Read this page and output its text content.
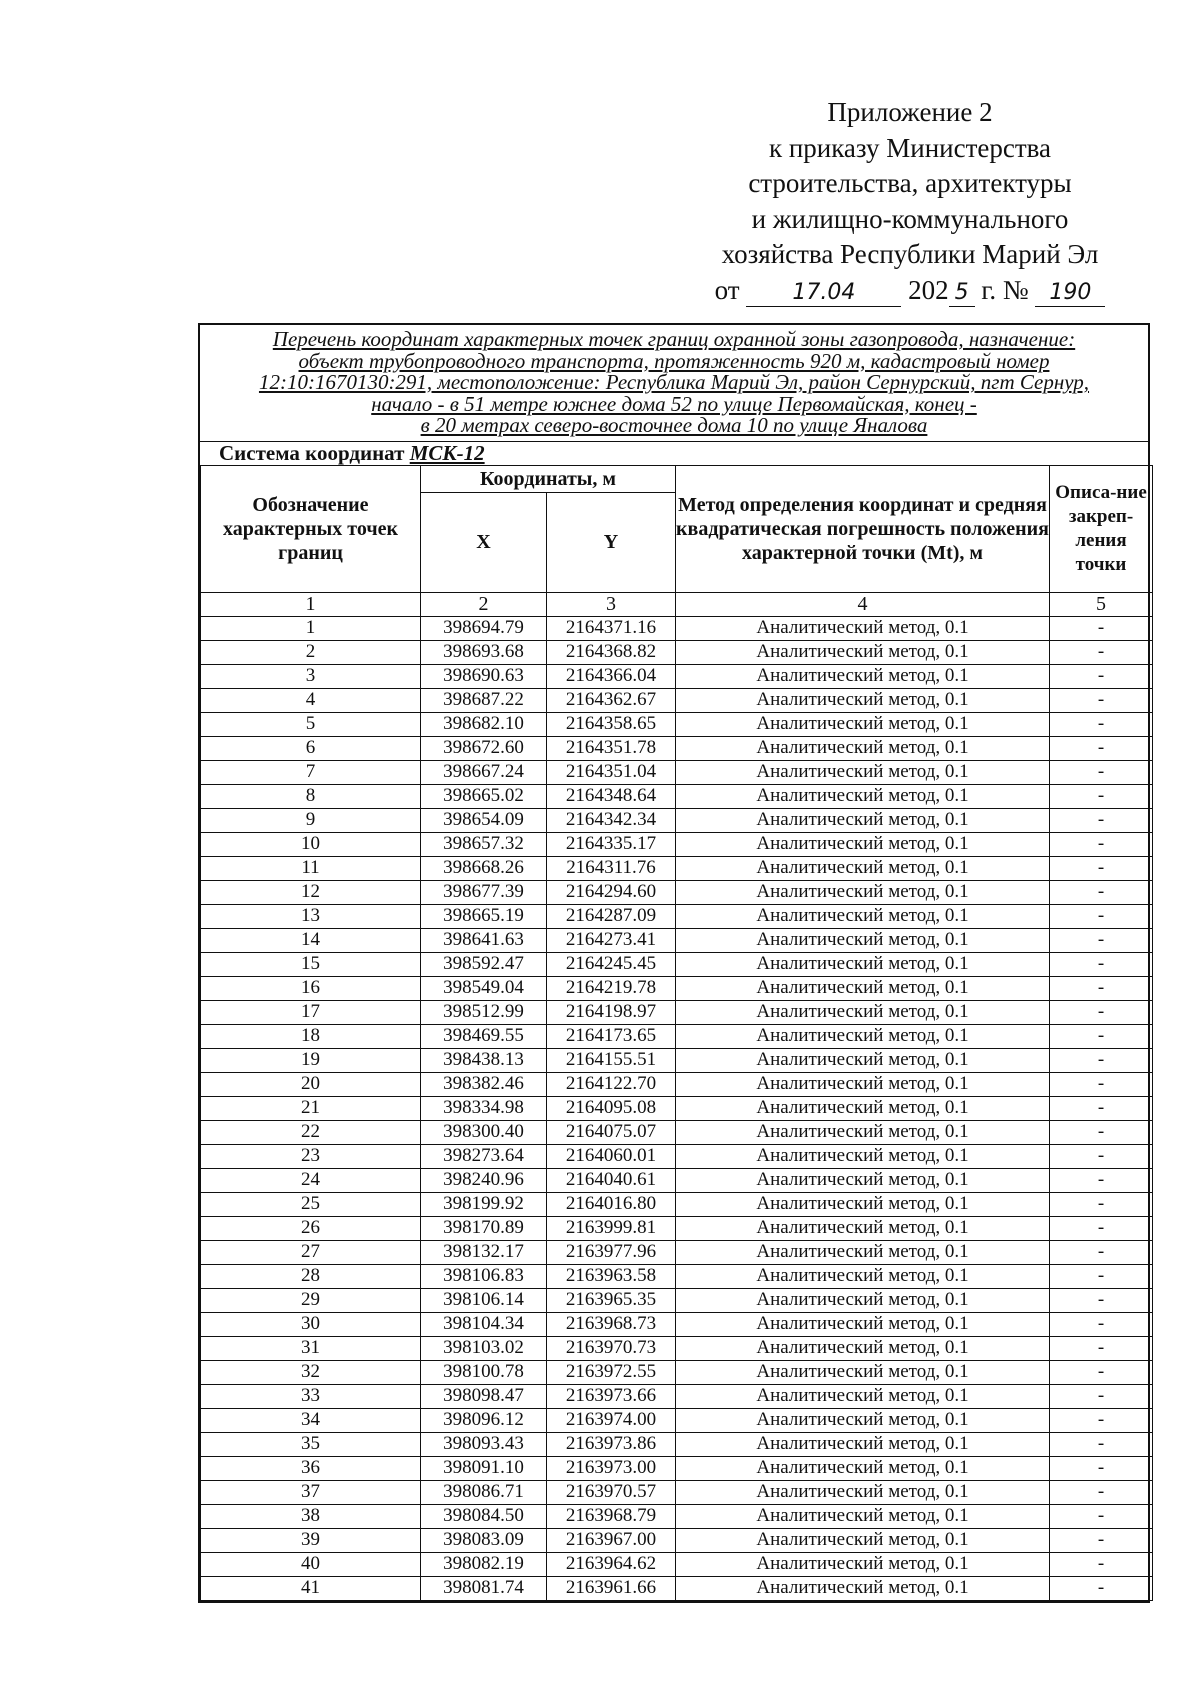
Приложение 2
к приказу Министерства
строительства, архитектуры
и жилищно-коммунального
хозяйства Республики Марий Эл
от 17.04 202 5 г. № 190
Перечень координат характерных точек границ охранной зоны газопровода, назначение:
объект трубопроводного транспорта, протяженность 920 м, кадастровый номер
12:10:1670130:291, местоположение: Республика Марий Эл, район Сернурский, пгт Сернур,
начало - в 51 метре южнее дома 52 по улице Первомайская, конец -
в 20 метрах северо-восточнее дома 10 по улице Яналова
Система координат МСК-12
Обозначение характерных точек границ	Координаты, м		Метод определения координат и средняя квадратическая погрешность положения характерной точки (Mt), м	Описа-ние закреп-ления точки
	X	Y		
1	2	3	4	5
1	398694.79	2164371.16	Аналитический метод, 0.1	-
2	398693.68	2164368.82	Аналитический метод, 0.1	-
3	398690.63	2164366.04	Аналитический метод, 0.1	-
4	398687.22	2164362.67	Аналитический метод, 0.1	-
5	398682.10	2164358.65	Аналитический метод, 0.1	-
6	398672.60	2164351.78	Аналитический метод, 0.1	-
7	398667.24	2164351.04	Аналитический метод, 0.1	-
8	398665.02	2164348.64	Аналитический метод, 0.1	-
9	398654.09	2164342.34	Аналитический метод, 0.1	-
10	398657.32	2164335.17	Аналитический метод, 0.1	-
11	398668.26	2164311.76	Аналитический метод, 0.1	-
12	398677.39	2164294.60	Аналитический метод, 0.1	-
13	398665.19	2164287.09	Аналитический метод, 0.1	-
14	398641.63	2164273.41	Аналитический метод, 0.1	-
15	398592.47	2164245.45	Аналитический метод, 0.1	-
16	398549.04	2164219.78	Аналитический метод, 0.1	-
17	398512.99	2164198.97	Аналитический метод, 0.1	-
18	398469.55	2164173.65	Аналитический метод, 0.1	-
19	398438.13	2164155.51	Аналитический метод, 0.1	-
20	398382.46	2164122.70	Аналитический метод, 0.1	-
21	398334.98	2164095.08	Аналитический метод, 0.1	-
22	398300.40	2164075.07	Аналитический метод, 0.1	-
23	398273.64	2164060.01	Аналитический метод, 0.1	-
24	398240.96	2164040.61	Аналитический метод, 0.1	-
25	398199.92	2164016.80	Аналитический метод, 0.1	-
26	398170.89	2163999.81	Аналитический метод, 0.1	-
27	398132.17	2163977.96	Аналитический метод, 0.1	-
28	398106.83	2163963.58	Аналитический метод, 0.1	-
29	398106.14	2163965.35	Аналитический метод, 0.1	-
30	398104.34	2163968.73	Аналитический метод, 0.1	-
31	398103.02	2163970.73	Аналитический метод, 0.1	-
32	398100.78	2163972.55	Аналитический метод, 0.1	-
33	398098.47	2163973.66	Аналитический метод, 0.1	-
34	398096.12	2163974.00	Аналитический метод, 0.1	-
35	398093.43	2163973.86	Аналитический метод, 0.1	-
36	398091.10	2163973.00	Аналитический метод, 0.1	-
37	398086.71	2163970.57	Аналитический метод, 0.1	-
38	398084.50	2163968.79	Аналитический метод, 0.1	-
39	398083.09	2163967.00	Аналитический метод, 0.1	-
40	398082.19	2163964.62	Аналитический метод, 0.1	-
41	398081.74	2163961.66	Аналитический метод, 0.1	-
